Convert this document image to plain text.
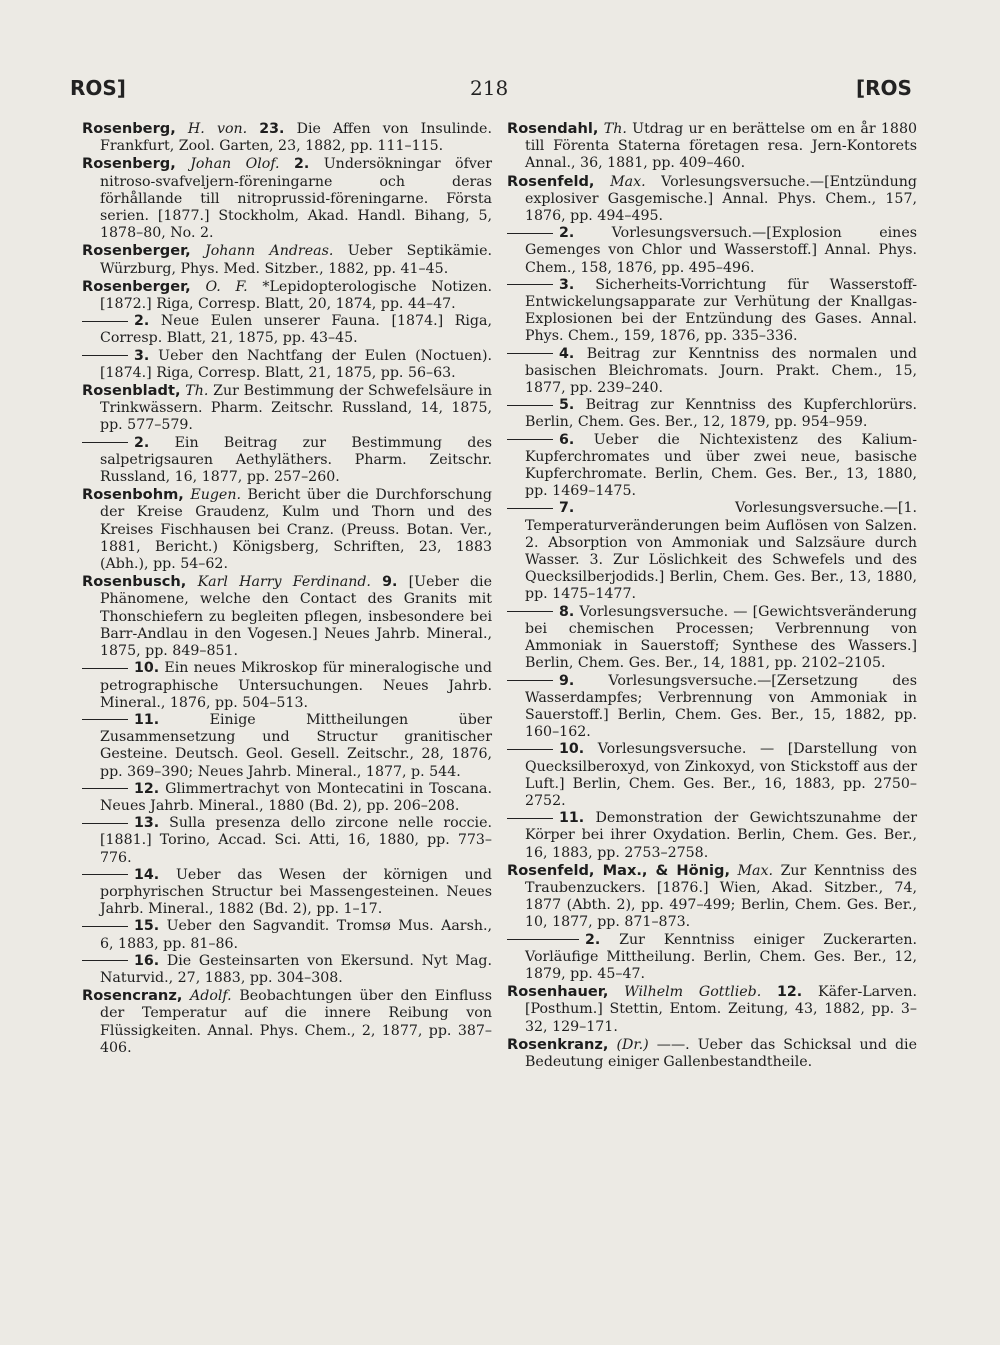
ROS]	218	[ROS

Rosenberg, H. von. 23. Die Affen von Insulinde. Frankfurt, Zool. Garten, 23, 1882, pp. 111–115.

Rosenberg, Johan Olof. 2. Undersökningar öfver nitroso-svafveljern-föreningarne och deras förhållande till nitroprussid-föreningarne. Första serien. [1877.] Stockholm, Akad. Handl. Bihang, 5, 1878–80, No. 2.

Rosenberger, Johann Andreas. Ueber Septikämie. Würzburg, Phys. Med. Sitzber., 1882, pp. 41–45.

Rosenberger, O. F. *Lepidopterologische Notizen. [1872.] Riga, Corresp. Blatt, 20, 1874, pp. 44–47.

2. Neue Eulen unserer Fauna. [1874.] Riga, Corresp. Blatt, 21, 1875, pp. 43–45.

3. Ueber den Nachtfang der Eulen (Noctuen). [1874.] Riga, Corresp. Blatt, 21, 1875, pp. 56–63.

Rosenbladt, Th. Zur Bestimmung der Schwefelsäure in Trinkwässern. Pharm. Zeitschr. Russland, 14, 1875, pp. 577–579.

2. Ein Beitrag zur Bestimmung des salpetrigsauren Aethyläthers. Pharm. Zeitschr. Russland, 16, 1877, pp. 257–260.

Rosenbohm, Eugen. Bericht über die Durchforschung der Kreise Graudenz, Kulm und Thorn und des Kreises Fischhausen bei Cranz. (Preuss. Botan. Ver., 1881, Bericht.) Königsberg, Schriften, 23, 1883 (Abh.), pp. 54–62.

Rosenbusch, Karl Harry Ferdinand. 9. [Ueber die Phänomene, welche den Contact des Granits mit Thonschiefern zu begleiten pflegen, insbesondere bei Barr-Andlau in den Vogesen.] Neues Jahrb. Mineral., 1875, pp. 849–851.

10. Ein neues Mikroskop für mineralogische und petrographische Untersuchungen. Neues Jahrb. Mineral., 1876, pp. 504–513.

11.	Einige Mittheilungen über Zusammensetzung und Structur granitischer Gesteine. Deutsch. Geol. Gesell. Zeitschr., 28, 1876, pp. 369–390; Neues Jahrb. Mineral., 1877, p. 544.

12. Glimmertrachyt von Montecatini in Toscana. Neues Jahrb. Mineral., 1880 (Bd. 2), pp. 206–208.

13. Sulla presenza dello zircone nelle roccie. [1881.] Torino, Accad. Sci. Atti, 16, 1880, pp. 773–776.

14. Ueber das Wesen der körnigen und porphyrischen Structur bei Massengesteinen. Neues Jahrb. Mineral., 1882 (Bd. 2), pp. 1–17.

15. Ueber den Sagvandit. Tromsø Mus. Aarsh., 6, 1883, pp. 81–86.

16. Die Gesteinsarten von Ekersund. Nyt Mag. Naturvid., 27, 1883, pp. 304–308.

Rosencranz, Adolf. Beobachtungen über den Einfluss der Temperatur auf die innere Reibung von Flüssigkeiten. Annal. Phys. Chem., 2, 1877, pp. 387–406.

Rosendahl, Th. Utdrag ur en berättelse om en år 1880 till Förenta Staterna företagen resa. Jern-Kontorets Annal., 36, 1881, pp. 409–460.

Rosenfeld, Max. Vorlesungsversuche.—[Entzündung explosiver Gasgemische.] Annal. Phys. Chem., 157, 1876, pp. 494–495.

2.	Vorlesungsversuch.—[Explosion eines Gemenges von Chlor und Wasserstoff.] Annal. Phys. Chem., 158, 1876, pp. 495–496.

3. Sicherheits-Vorrichtung für Wasserstoff-Entwickelungsapparate zur Verhütung der Knallgas-Explosionen bei der Entzündung des Gases. Annal. Phys. Chem., 159, 1876, pp. 335–336.

4. Beitrag zur Kenntniss des normalen und basischen Bleichromats. Journ. Prakt. Chem., 15, 1877, pp. 239–240.

5. Beitrag zur Kenntniss des Kupferchlorürs. Berlin, Chem. Ges. Ber., 12, 1879, pp. 954–959.

6. Ueber die Nichtexistenz des Kalium-Kupferchromates und über zwei neue, basische Kupferchromate. Berlin, Chem. Ges. Ber., 13, 1880, pp. 1469–1475.

7.	Vorlesungsversuche.—[1. Temperaturveränderungen beim Auflösen von Salzen. 2. Absorption von Ammoniak und Salzsäure durch Wasser. 3. Zur Löslichkeit des Schwefels und des Quecksilberjodids.] Berlin, Chem. Ges. Ber., 13, 1880, pp. 1475–1477.

8. Vorlesungsversuche. — [Gewichtsveränderung bei chemischen Processen; Verbrennung von Ammoniak in Sauerstoff; Synthese des Wassers.] Berlin, Chem. Ges. Ber., 14, 1881, pp. 2102–2105.

9. Vorlesungsversuche.—[Zersetzung des Wasserdampfes; Verbrennung von Ammoniak in Sauerstoff.] Berlin, Chem. Ges. Ber., 15, 1882, pp. 160–162.

10. Vorlesungsversuche. — [Darstellung von Quecksilberoxyd, von Zinkoxyd, von Stickstoff aus der Luft.] Berlin, Chem. Ges. Ber., 16, 1883, pp. 2750–2752.

11. Demonstration der Gewichtszunahme der Körper bei ihrer Oxydation. Berlin, Chem. Ges. Ber., 16, 1883, pp. 2753–2758.

Rosenfeld, Max., & Hönig, Max. Zur Kenntniss des Traubenzuckers. [1876.] Wien, Akad. Sitzber., 74, 1877 (Abth. 2), pp. 497–499; Berlin, Chem. Ges. Ber., 10, 1877, pp. 871–873.

2. Zur Kenntniss einiger Zuckerarten. Vorläufige Mittheilung. Berlin, Chem. Ges. Ber., 12, 1879, pp. 45–47.

Rosenhauer, Wilhelm Gottlieb. 12. Käfer-Larven. [Posthum.] Stettin, Entom. Zeitung, 43, 1882, pp. 3–32, 129–171.

Rosenkranz, (Dr.) ——. Ueber das Schicksal und die Bedeutung einiger Gallenbestandtheile.
